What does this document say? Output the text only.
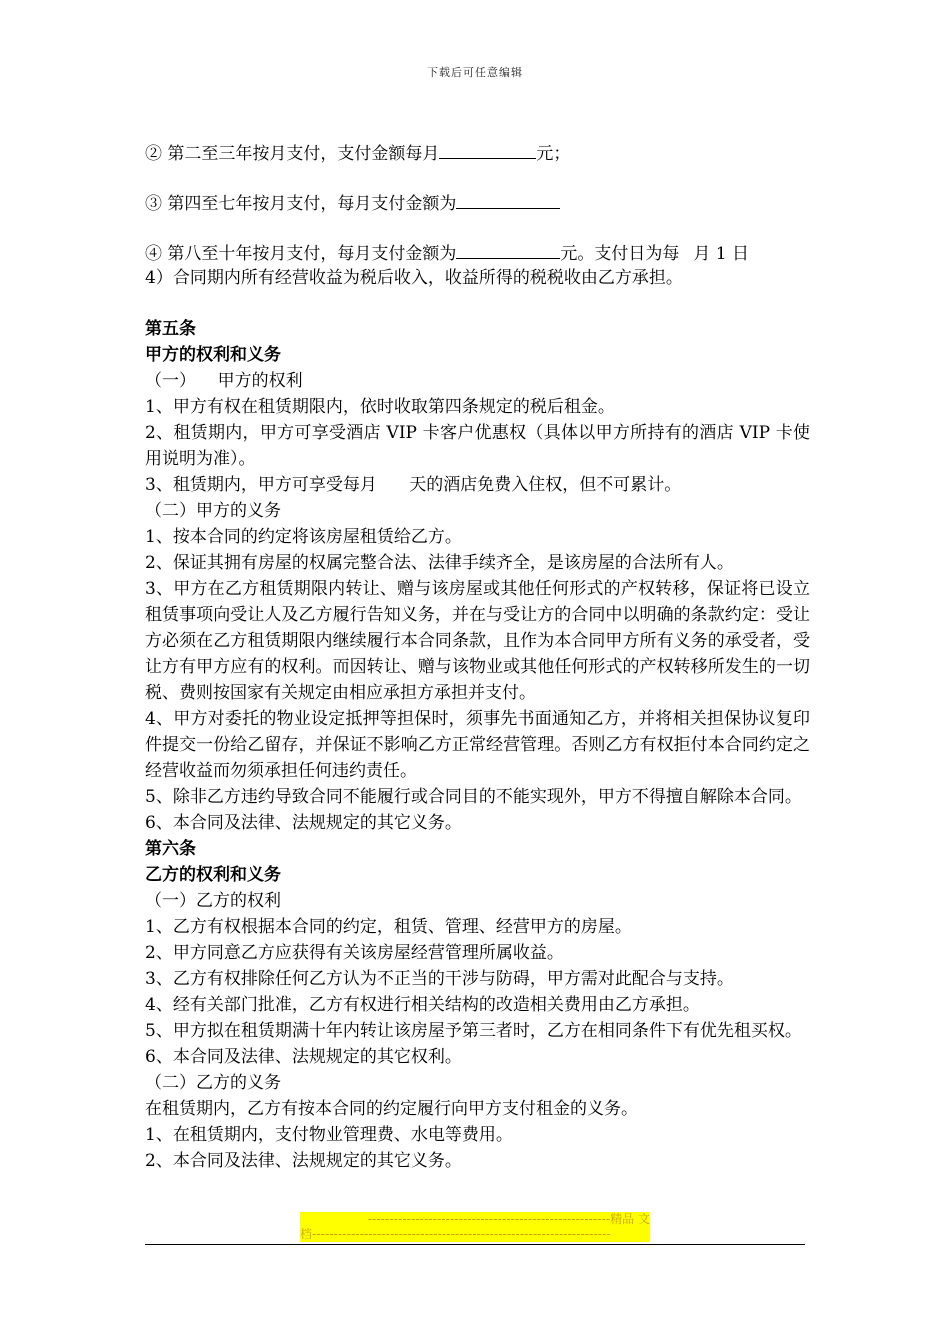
下载后可任意编辑
② 第二至三年按月支付，支付金额每月	元；
③ 第四至七年按月支付，每月支付金额为
④ 第八至十年按月支付，每月支付金额为	元。支付日为每 月 1 日
4）合同期内所有经营收益为税后收入，收益所得的税税收由乙方承担。

第五条

甲方的权利和义务

（一）    甲方的权利

1、甲方有权在租赁期限内，依时收取第四条规定的税后租金。

2、租赁期内，甲方可享受酒店 VIP 卡客户优惠权（具体以甲方所持有的酒店 VIP 卡使用说明为准）。

3、租赁期内，甲方可享受每月      天的酒店免费入住权，但不可累计。

（二）甲方的义务

1、按本合同的约定将该房屋租赁给乙方。

2、保证其拥有房屋的权属完整合法、法律手续齐全，是该房屋的合法所有人。

3、甲方在乙方租赁期限内转让、赠与该房屋或其他任何形式的产权转移，保证将已设立租赁事项向受让人及乙方履行告知义务，并在与受让方的合同中以明确的条款约定：受让方必须在乙方租赁期限内继续履行本合同条款，且作为本合同甲方所有义务的承受者，受让方有甲方应有的权利。而因转让、赠与该物业或其他任何形式的产权转移所发生的一切税、费则按国家有关规定由相应承担方承担并支付。

4、甲方对委托的物业设定抵押等担保时，须事先书面通知乙方，并将相关担保协议复印件提交一份给乙留存，并保证不影响乙方正常经营管理。否则乙方有权拒付本合同约定之经营收益而勿须承担任何违约责任。

5、除非乙方违约导致合同不能履行或合同目的不能实现外，甲方不得擅自解除本合同。

6、本合同及法律、法规规定的其它义务。

第六条

乙方的权利和义务

（一）乙方的权利

1、乙方有权根据本合同的约定，租赁、管理、经营甲方的房屋。

2、甲方同意乙方应获得有关该房屋经营管理所属收益。

3、乙方有权排除任何乙方认为不正当的干涉与防碍，甲方需对此配合与支持。

4、经有关部门批准，乙方有权进行相关结构的改造相关费用由乙方承担。

5、甲方拟在租赁期满十年内转让该房屋予第三者时，乙方在相同条件下有优先租买权。

6、本合同及法律、法规规定的其它权利。

（二）乙方的义务

在租赁期内，乙方有按本合同的约定履行向甲方支付租金的义务。

1、在租赁期内，支付物业管理费、水电等费用。

2、本合同及法律、法规规定的其它义务。

--------------------------------------------------------精品 文
档---------------------------------------------------------------------
